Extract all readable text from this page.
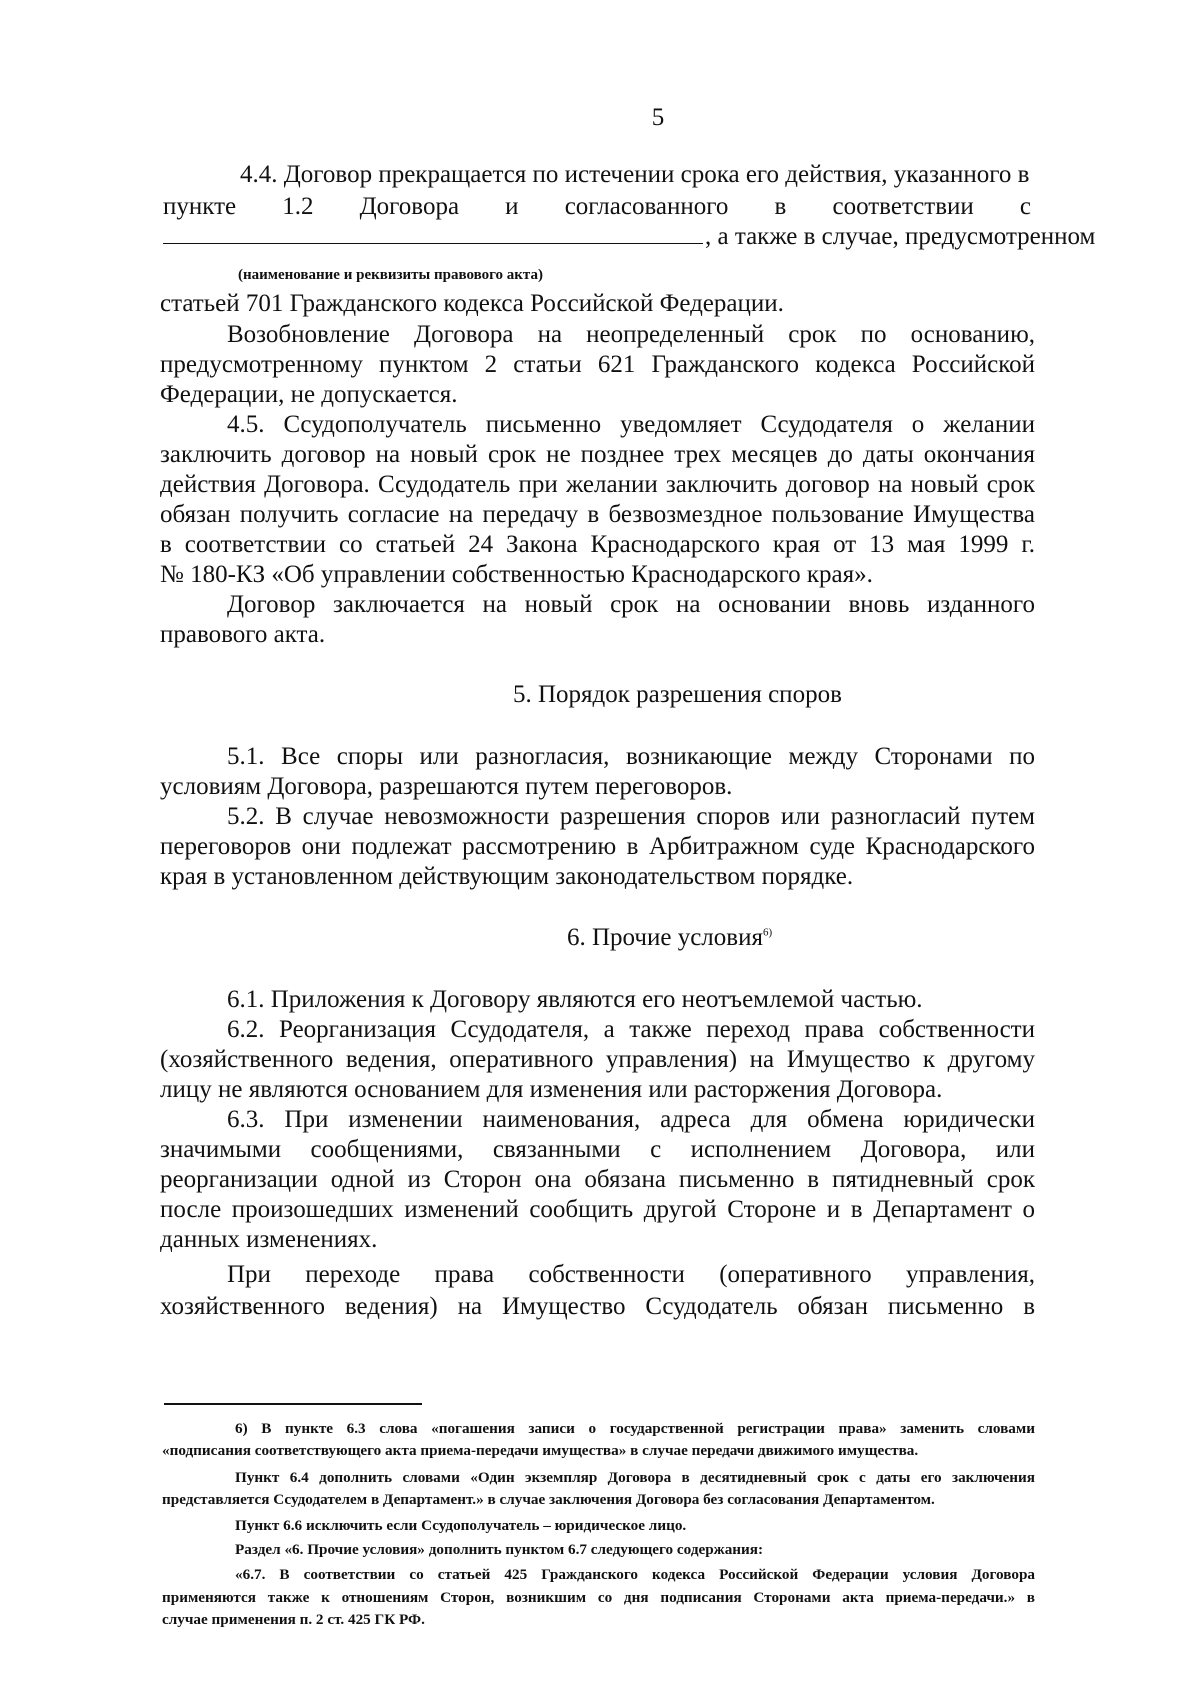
5
4.4. Договор прекращается по истечении срока его действия, указанного в
пункте 1.2 Договора и согласованного в соответствии с
, а также в случае, предусмотренном
(наименование и реквизиты правового акта)
статьей 701 Гражданского кодекса Российской Федерации.
Возобновление Договора на неопределенный срок по основанию,
предусмотренному пунктом 2 статьи 621 Гражданского кодекса Российской
Федерации, не допускается.
4.5. Ссудополучатель письменно уведомляет Ссудодателя о желании
заключить договор на новый срок не позднее трех месяцев до даты окончания
действия Договора. Ссудодатель при желании заключить договор на новый срок
обязан получить согласие на передачу в безвозмездное пользование Имущества
в соответствии со статьей 24 Закона Краснодарского края от 13 мая 1999 г.
№ 180-КЗ «Об управлении собственностью Краснодарского края».
Договор заключается на новый срок на основании вновь изданного
правового акта.
5. Порядок разрешения споров
5.1. Все споры или разногласия, возникающие между Сторонами по
условиям Договора, разрешаются путем переговоров.
5.2. В случае невозможности разрешения споров или разногласий путем
переговоров они подлежат рассмотрению в Арбитражном суде Краснодарского
края в установленном действующим законодательством порядке.
6. Прочие условия$^{6)}$
6.1. Приложения к Договору являются его неотъемлемой частью.
6.2. Реорганизация Ссудодателя, а также переход права собственности
(хозяйственного ведения, оперативного управления) на Имущество к другому
лицу не являются основанием для изменения или расторжения Договора.
6.3. При изменении наименования, адреса для обмена юридически
значимыми сообщениями, связанными с исполнением Договора, или
реорганизации одной из Сторон она обязана письменно в пятидневный срок
после произошедших изменений сообщить другой Стороне и в Департамент о
данных изменениях.
При переходе права собственности (оперативного управления,
хозяйственного ведения) на Имущество Ссудодатель обязан письменно в
6) В пункте 6.3 слова «погашения записи о государственной регистрации права» заменить словами
«подписания соответствующего акта приема-передачи имущества» в случае передачи движимого имущества.
Пункт 6.4 дополнить словами «Один экземпляр Договора в десятидневный срок с даты его заключения
представляется Ссудодателем в Департамент.» в случае заключения Договора без согласования Департаментом.
Пункт 6.6 исключить если Ссудополучатель – юридическое лицо.
Раздел «6. Прочие условия» дополнить пунктом 6.7 следующего содержания:
«6.7. В соответствии со статьей 425 Гражданского кодекса Российской Федерации условия Договора
применяются также к отношениям Сторон, возникшим со дня подписания Сторонами акта приема-передачи.» в
случае применения п. 2 ст. 425 ГК РФ.
